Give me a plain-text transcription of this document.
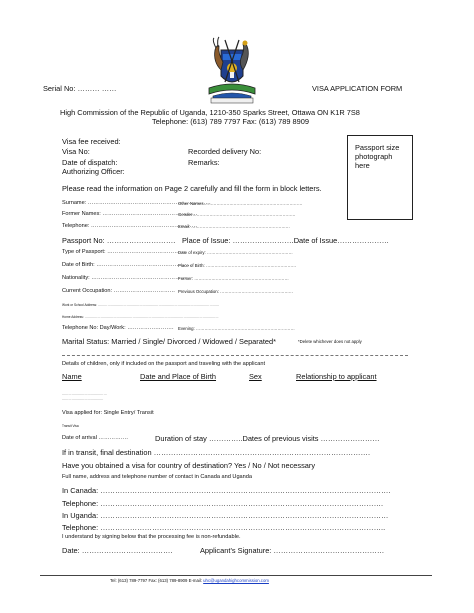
Serial No: ……… ……	VISA APPLICATION FORM
High Commission of the Republic of Uganda, 1210-350 Sparks Street, Ottawa ON K1R 7S8
Telephone: (613) 789 7797 Fax: (613) 789 8909
Visa fee received:
Visa No:	Recorded delivery No:
Date of dispatch:	Remarks:
Authorizing Officer:
Passport size
photograph
here
Please read the information on Page 2 carefully and fill the form in block letters.
Surname: …………………………………………………………
Other Names……………………………………………………………
Former Names: ……………………………………………
Gender………………………………………………………………
Telephone: …………………………………………………
Email: ……………………………………………………………
Passport No: ………………………. Place of Issue: …………………….Date of Issue…………………
Type of Passport: ……………………………………
Date of expiry: ……………………………………………………
Date of Birth: ……………………………………………
Place of Birth: ………………………………………………………
Nationality: ……………………………………………
Former: …………………………………………………………
Current Occupation: …………………………… Previous Occupation: ……………………………………………
Work or School Address: ……………………………………………………………………………………………………
Home Address: ………………………………………………………………………………………………………………
Telephone No: Day/Work: ……………………. Evening: ……………………………………………………………
Marital Status: Married / Single/ Divorced / Widowed / Separated*	*Delete whichever does not apply
Details of children, only if included on the passport and traveling with the applicant
Name	Date and Place of Birth	Sex	Relationship to applicant
……………………………………
…………………………………
Visa applied for: Single Entry/ Transit
Transit Visa
Date of arrival …………….	Duration of stay …………..Dates of previous visits ……………………
If in transit, final destination …………………………………………………………………………….
Have you obtained a visa for country of destination? Yes / No / Not necessary
Full name, address and telephone number of contact in Canada and Uganda
In Canada: ……………………………………………………………………………………………………….
Telephone: …………………………………………………………………………………………………….
In Uganda: ………………………………………………………………………………………………………
Telephone: ……………………………………………………………………………………………………..
I understand by signing below that the processing fee is non-refundable.
Date: ……………………………….	Applicant’s Signature: ………………………………………
Tel: (613) 789-7797 Fax: (613) 789-8909 E-mail: uhc@ugandahighcommission.com
